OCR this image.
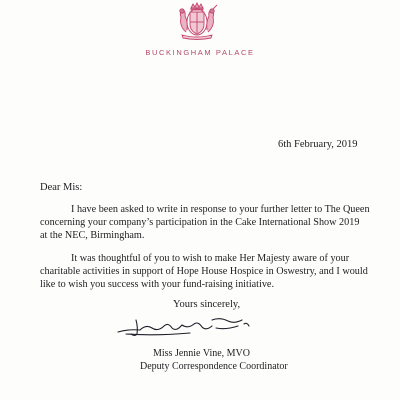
BUCKINGHAM PALACE
6th February, 2019
Dear Mis:
I have been asked to write in response to your further letter to The Queen
concerning your company’s participation in the Cake International Show 2019
at the NEC, Birmingham.
It was thoughtful of you to wish to make Her Majesty aware of your
charitable activities in support of Hope House Hospice in Oswestry, and I would
like to wish you success with your fund-raising initiative.
Yours sincerely,
Miss Jennie Vine, MVO
Deputy Correspondence Coordinator
